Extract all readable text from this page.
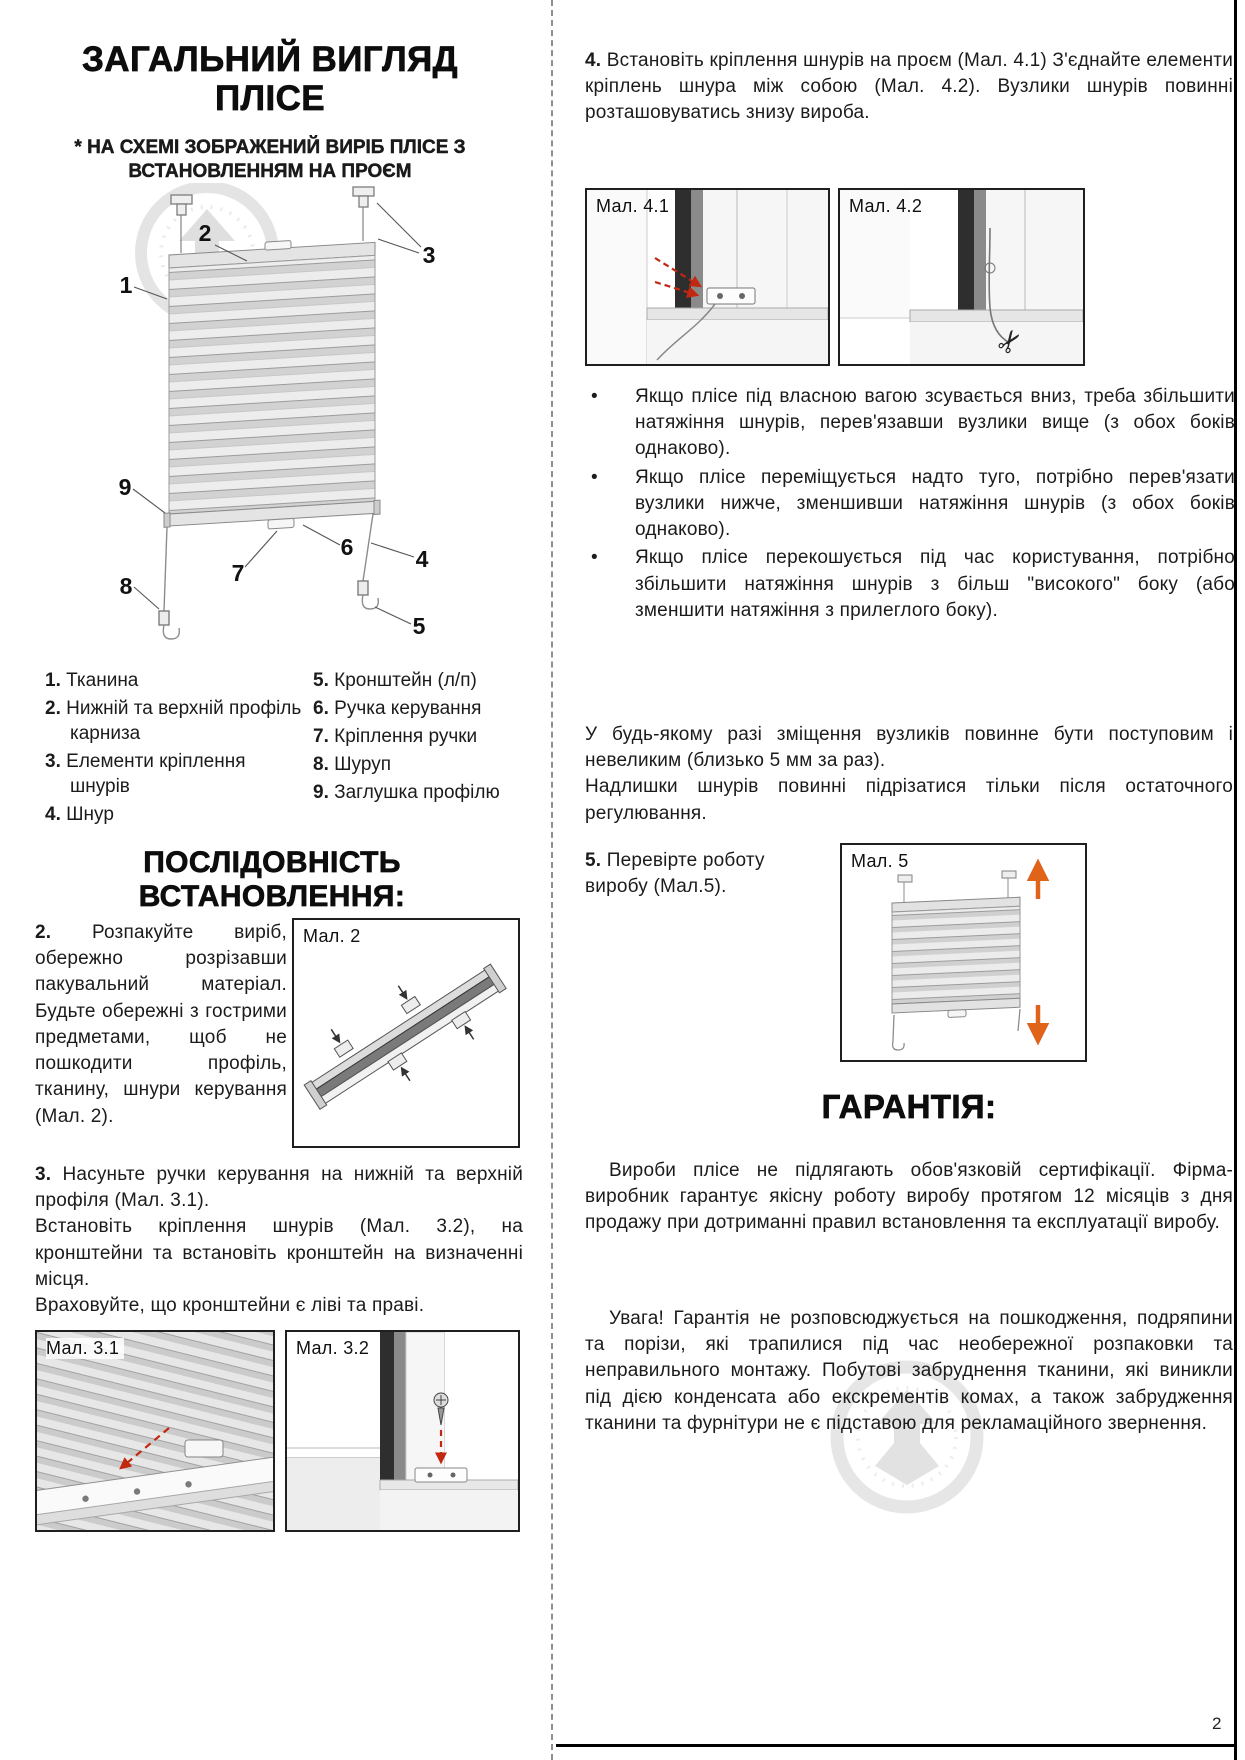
ЗАГАЛЬНИЙ ВИГЛЯД ПЛІСЕ
* НА СХЕМІ ЗОБРАЖЕНИЙ ВИРІБ ПЛІСЕ З ВСТАНОВЛЕННЯМ НА ПРОЄМ
1
2
3
9
7
6	4
8
5
1. Тканина
2. Нижній та верхній профіль карниза
3. Елементи кріплення шнурів
4. Шнур
5. Кронштейн (л/п)
6. Ручка керування
7. Кріплення ручки
8. Шуруп
9. Заглушка профілю
ПОСЛІДОВНІСТЬ ВСТАНОВЛЕННЯ:
2. Розпакуйте виріб, обережно розрізавши пакувальний матеріал. Будьте обережні з гострими предметами, щоб не пошкодити профіль, тканину, шнури керування (Мал. 2).
Мал. 2

3. Насуньте ручки керування на нижній та верхній профіля (Мал. 3.1).

Встановіть кріплення шнурів (Мал. 3.2), на кронштейни та встановіть кронштейн на визначенні місця.

Враховуйте, що кронштейни є ліві та праві.

Мал. 3.1	Мал. 3.2
4. Встановіть кріплення шнурів на проєм (Мал. 4.1) З'єднайте елементи кріплень шнура між собою (Мал. 4.2). Вузлики шнурів повинні розташовуватись знизу вироба.
Мал. 4.1	Мал. 4.2
✂
• Якщо плісе під власною вагою зсувається вниз, треба збільшити натяжіння шнурів, перев'язавши вузлики вище (з обох боків однаково).
• Якщо плісе переміщується надто туго, потрібно перев'язати вузлики нижче, зменшивши натяжіння шнурів (з обох боків однаково).
• Якщо плісе перекошується під час користування, потрібно збільшити натяжіння шнурів з більш "високого" боку (або зменшити натяжіння з прилеглого боку).

У будь-якому разі зміщення вузликів повинне бути поступовим і невеликим (близько 5 мм за раз).

Надлишки шнурів повинні підрізатися тільки після остаточного регулювання.

5. Перевірте роботу виробу (Мал.5).
Мал. 5
ГАРАНТІЯ:
Вироби плісе не підлягають обов'язковій сертифікації. Фірма-виробник гарантує якісну роботу виробу протягом 12 місяців з дня продажу при дотриманні правил встановлення та експлуатації виробу.
Увага! Гарантія не розповсюджується на пошкодження, подряпини та порізи, які трапилися під час необережної розпаковки та неправильного монтажу. Побутові забруднення тканини, які виникли під дією конденсата або екскрементів комах, а також забрудження тканини та фурнітури не є підставою для рекламаційного звернення.
2
